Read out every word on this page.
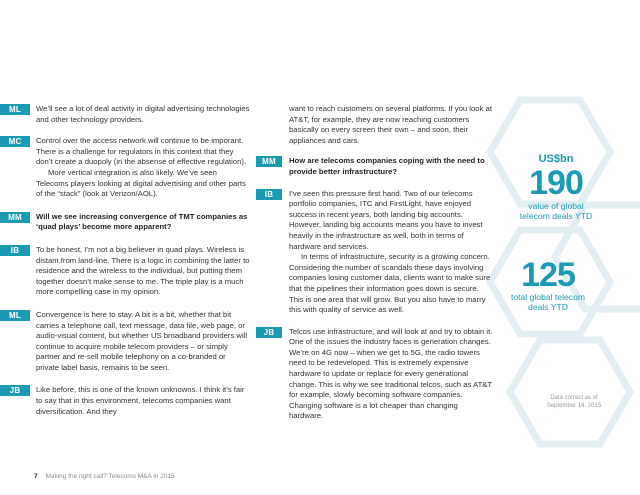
ML	We’ll see a lot of deal activity in digital advertising technologies and other technology providers.

MC	Control over the access network will continue to be imporant. There is a challenge for regulators in this context that they don’t create a duopoly (in the absense of effective regulation).

More vertical integration is also likely. We’ve seen Telecoms players looking at digital advertising and other parts of the “stack” (look at Verizon/AOL).

MM	Will we see increasing convergence of TMT companies as ‘quad plays’ become more apparent?

IB	To be honest, I’m not a big believer in quad plays. Wireless is distant from land-line. There is a logic in combining the latter to residence and the wireless to the individual, but putting them together doesn’t make sense to me. The triple play is a much more compelling case in my opinion.

ML	Convergence is here to stay. A bit is a bit, whether that bit carries a telephone call, text message, data file, web page, or audio-visual content, but whether US broadband providers will continue to acquire mobile telecom providers – or simply partner and re-sell mobile telephony on a co-branded or private label basis, remains to be seen.

JB	Like before, this is one of the known unknowns. I think it’s fair to say that in this environment, telecoms companies want diversification. And they

want to reach customers on several platforms. If you look at AT&T, for example, they are now reaching customers basically on every screen their own – and soon, their appliances and cars.

MM	How are telecoms companies coping with the need to provide better infrastructure?

IB	I’ve seen this pressure first hand. Two of our telecoms portfolio companies, ITC and FirstLight, have enjoyed success in recent years, both landing big accounts. However, landing big accounts means you have to invest heavily in the infrastructure as well, both in terms of hardware and services.

In terms of infrastructure, security is a growing concern. Considering the number of scandals these days involving companies losing customer data, clients want to make sure that the pipelines their information goes down is secure. This is one area that will grow. But you also have to marry this with quality of service as well.

JB	Telcos use infrastructure, and will look at and try to obtain it. One of the issues the industry faces is generation changes. We’re on 4G now – when we get to 5G, the radio towers need to be redeveloped. This is extremely expensive hardware to update or replace for every generational change. This is why we see traditional telcos, such as AT&T for example, slowly becoming software companies. Changing software is a lot cheaper than changing hardware.

US$bn
190
value of global telecom deals YTD
125
total global telecom deals YTD
Data correct as of September 14, 2015
7 Making the right call? Telecoms M&A in 2015
